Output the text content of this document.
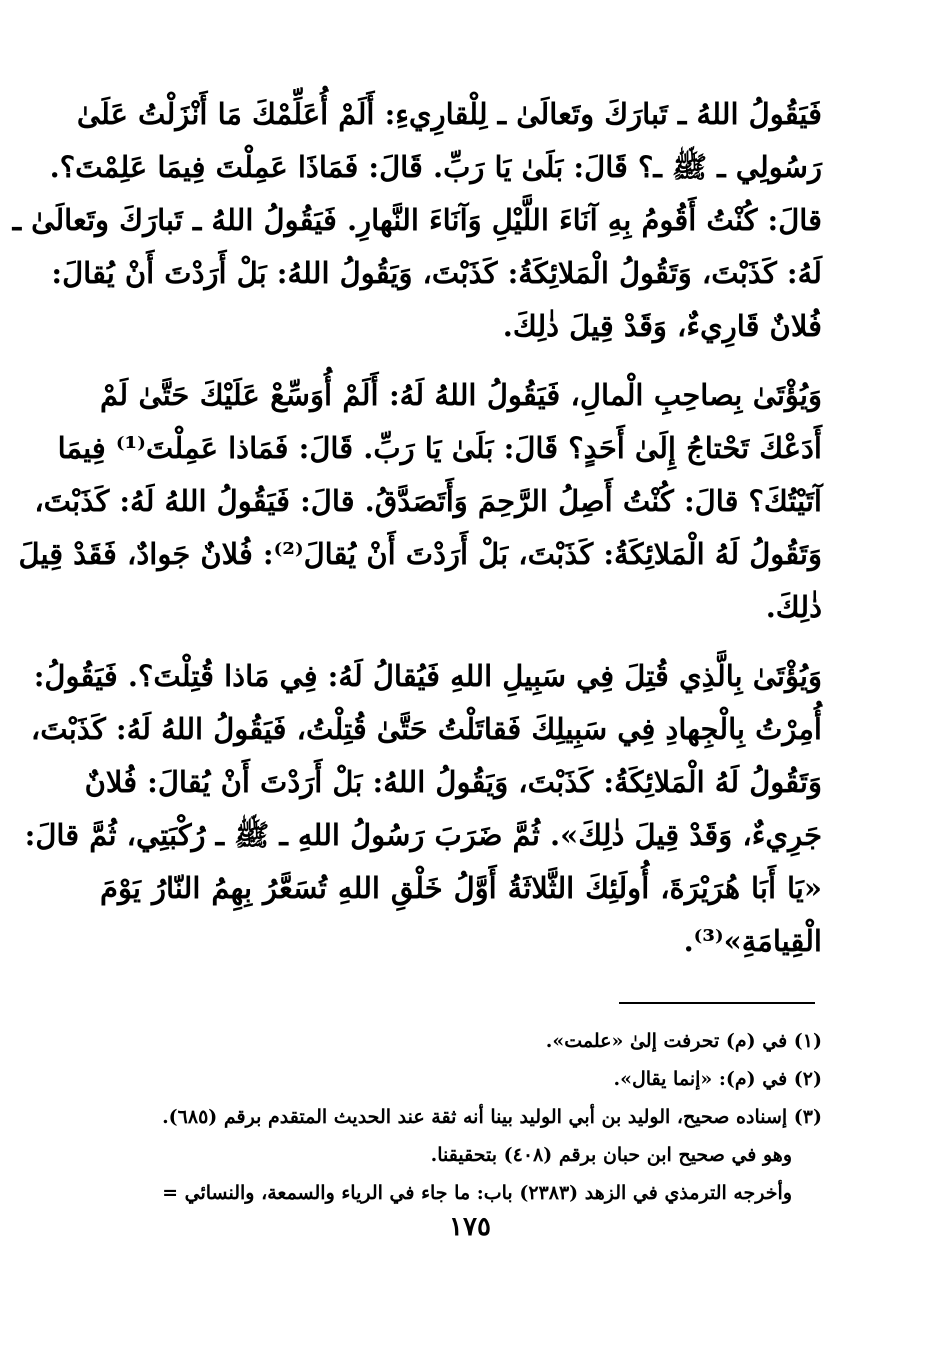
فَيَقُولُ اللهُ ـ تَبارَكَ وتَعالَىٰ ـ لِلْقارِيءِ: أَلَمْ أُعَلِّمْكَ مَا أَنْزَلْتُ عَلَىٰ
رَسُولِي ـ ﷺ ـ؟ قَالَ: بَلَىٰ يَا رَبِّ. قَالَ: فَمَاذَا عَمِلْتَ فِيمَا عَلِمْتَ؟.
قالَ: كُنْتُ أَقُومُ بِهِ آنَاءَ اللَّيْلِ وَآنَاءَ النَّهارِ. فَيَقُولُ اللهُ ـ تَبارَكَ وتَعالَىٰ ـ
لَهُ: كَذَبْتَ، وَتَقُولُ الْمَلائِكَةُ: كَذَبْتَ، وَيَقُولُ اللهُ: بَلْ أَرَدْتَ أَنْ يُقالَ:
فُلانٌ قَارِيءٌ، وَقَدْ قِيلَ ذٰلِكَ.
وَيُؤْتَىٰ بِصاحِبِ الْمالِ، فَيَقُولُ اللهُ لَهُ: أَلَمْ أُوَسِّعْ عَلَيْكَ حَتَّىٰ لَمْ
أَدَعْكَ تَحْتاجُ إِلَىٰ أَحَدٍ؟ قَالَ: بَلَىٰ يَا رَبِّ. قَالَ: فَمَاذا عَمِلْتَ⁽¹⁾ فِيمَا
آتَيْتُكَ؟ قالَ: كُنْتُ أَصِلُ الرَّحِمَ وَأَتَصَدَّقُ. قالَ: فَيَقُولُ اللهُ لَهُ: كَذَبْتَ،
وَتَقُولُ لَهُ الْمَلائِكَةُ: كَذَبْتَ، بَلْ أَرَدْتَ أَنْ يُقالَ⁽²⁾: فُلانٌ جَوادٌ، فَقَدْ قِيلَ
ذٰلِكَ.
وَيُؤْتَىٰ بِالَّذِي قُتِلَ فِي سَبِيلِ اللهِ فَيُقالُ لَهُ: فِي مَاذا قُتِلْتَ؟. فَيَقُولُ:
أُمِرْتُ بِالْجِهادِ فِي سَبِيلِكَ فَقاتَلْتُ حَتَّىٰ قُتِلْتُ، فَيَقُولُ اللهُ لَهُ: كَذَبْتَ،
وَتَقُولُ لَهُ الْمَلائِكَةُ: كَذَبْتَ، وَيَقُولُ اللهُ: بَلْ أَرَدْتَ أَنْ يُقالَ: فُلانٌ
جَرِيءٌ، وَقَدْ قِيلَ ذٰلِكَ». ثُمَّ ضَرَبَ رَسُولُ اللهِ ـ ﷺ ـ رُكْبَتِي، ثُمَّ قالَ:
«يَا أَبَا هُرَيْرَةَ، أُولَئِكَ الثَّلاثَةُ أَوَّلُ خَلْقِ اللهِ تُسَعَّرُ بِهِمُ النّارُ يَوْمَ
الْقِيامَةِ»⁽³⁾.
(١) في (م) تحرفت إلىٰ «علمت».
(٢) في (م): «إنما يقال».
(٣) إسناده صحيح، الوليد بن أبي الوليد بينا أنه ثقة عند الحديث المتقدم برقم (٦٨٥).
وهو في صحيح ابن حبان برقم (٤٠٨) بتحقيقنا.
وأخرجه الترمذي في الزهد (٢٣٨٣) باب: ما جاء في الرياء والسمعة، والنسائي =
١٧٥
